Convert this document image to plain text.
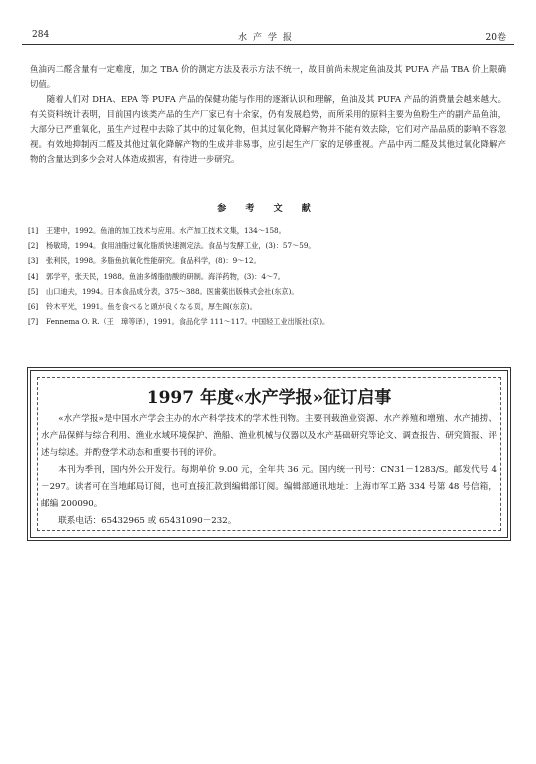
284	水产学报	20卷

鱼油丙二醛含量有一定难度，加之 TBA 价的测定方法及表示方法不统一，故目前尚未规定鱼油及其 PUFA 产品 TBA 价上限确切值。

随着人们对 DHA、EPA 等 PUFA 产品的保健功能与作用的逐渐认识和理解，鱼油及其 PUFA 产品的消费量会越来越大。有关资料统计表明，目前国内该类产品的生产厂家已有十余家，仍有发展趋势，而所采用的原料主要为鱼粉生产的副产品鱼油，大部分已严重氧化，虽生产过程中去除了其中的过氧化物，但其过氧化降解产物并不能有效去除，它们对产品品质的影响不容忽视。有效地抑制丙二醛及其他过氧化降解产物的生成并非易事，应引起生产厂家的足够重视。产品中丙二醛及其他过氧化降解产物的含量达到多少会对人体造成损害，有待进一步研究。

参 考 文 献
[1]	王建中，1992。鱼油的加工技术与应用。水产加工技术文集，134～158。
[2]	杨敏琦，1994。食用油脂过氧化脂质快速测定法。食品与发酵工业，(3)：57～59。
[3]	张利民，1998。多脂鱼抗氧化性能研究。食品科学，(8)：9～12。
[4]	郭学平，张天民，1988。鱼油多烯脂肪酸的研制。海洋药物，(3)：4～7。
[5]	山口迪夫，1994。日本食品成分表，375～388。医歯薬出版株式会社(东京)。
[6]	铃木平光，1991。鱼を食べると頭が良くなる页，厚生阁(东京)。
[7]	Fennema O. R.（王　璋等译），1991。食品化学 111～117。中国轻工业出版社(京)。
1997 年度«水产学报»征订启事

«水产学报»是中国水产学会主办的水产科学技术的学术性刊物。主要刊载渔业资源、水产养殖和增殖、水产捕捞、水产品保鲜与综合利用、渔业水域环境保护、渔船、渔业机械与仪器以及水产基础研究等论文、调查报告、研究简报、评述与综述。并酌登学术动态和重要书刊的评价。

本刊为季刊，国内外公开发行。每期单价 9.00 元，全年共 36 元。国内统一刊号：CN31－1283/S。邮发代号 4－297。读者可在当地邮局订阅，也可直接汇款到编辑部订阅。编辑部通讯地址：上海市军工路 334 号第 48 号信箱，邮编 200090。

联系电话：65432965 或 65431090－232。
